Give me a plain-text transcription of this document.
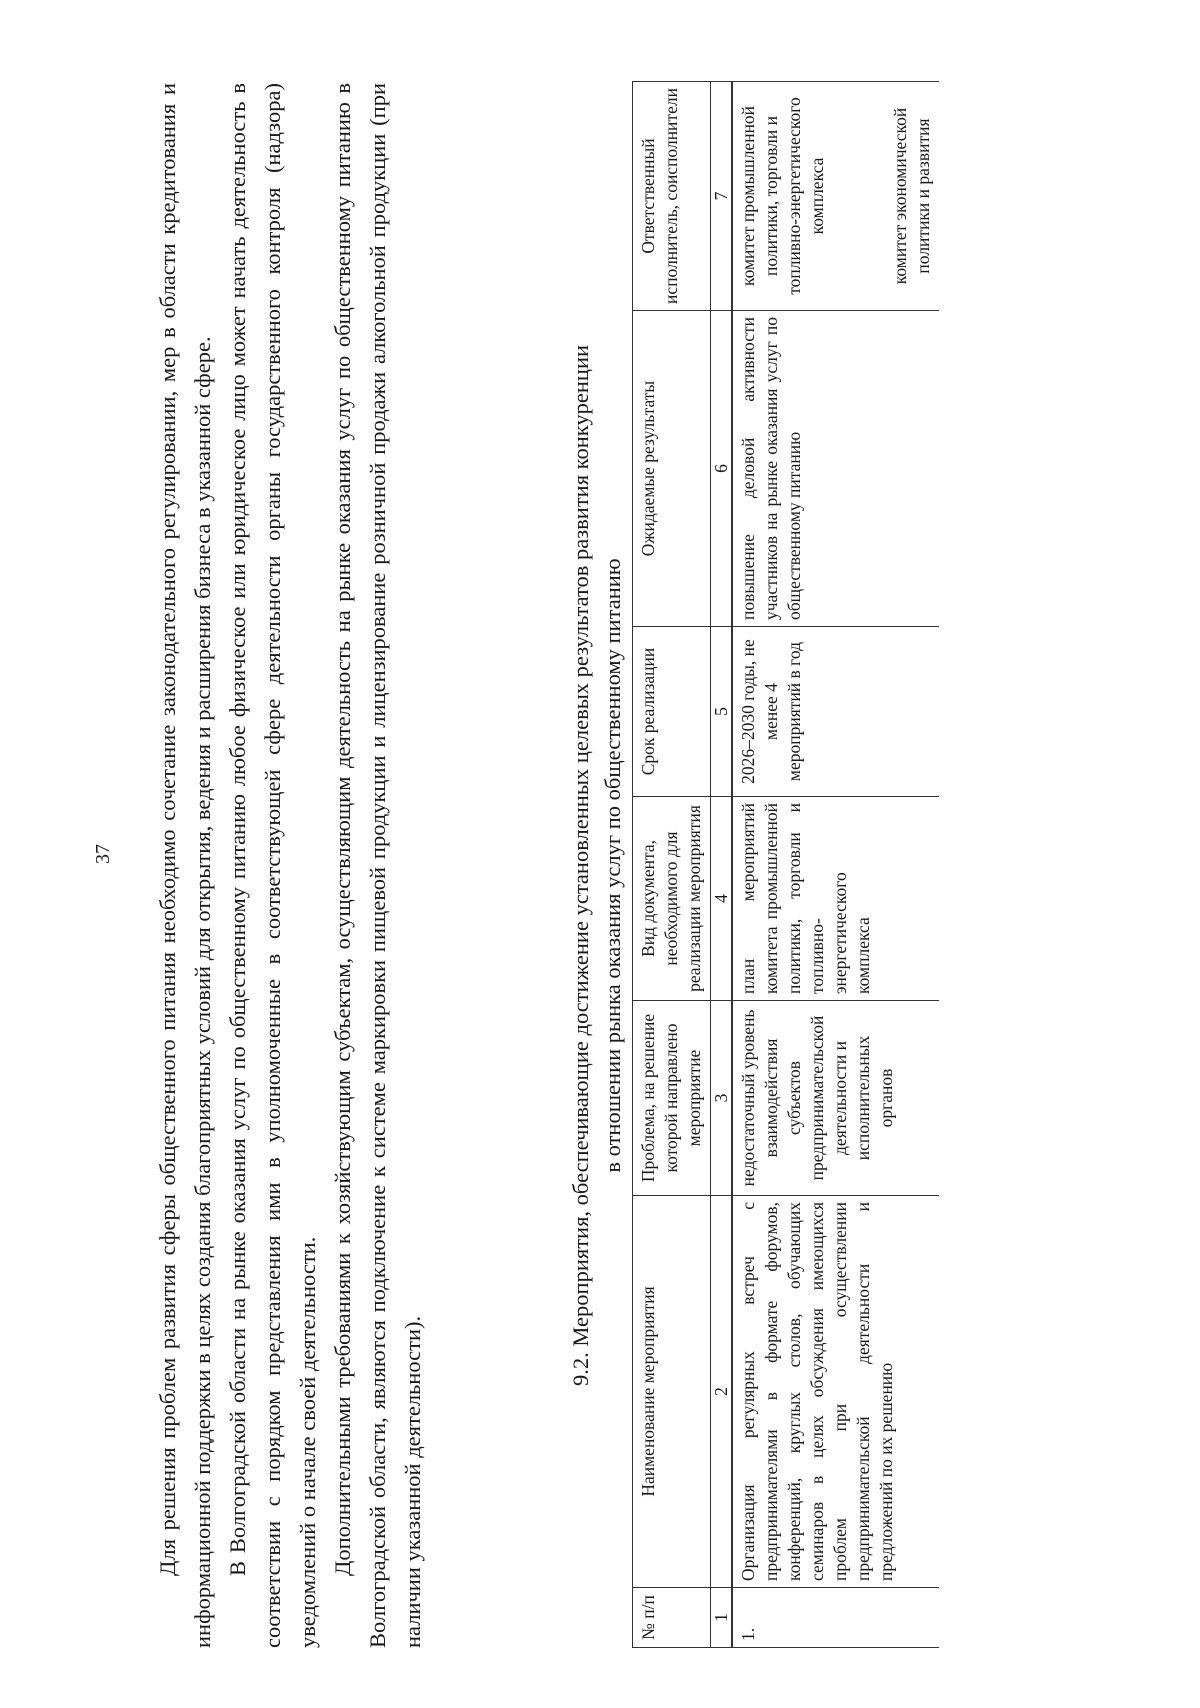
37 Для решения проблем развития сферы общественного питания необходимо сочетание законодательного регулировании, мер в области кредитования и информационной поддержки в целях создания благоприятных условий для открытия, ведения и расширения бизнеса в указанной сфере. В Волгоградской области на рынке оказания услуг по общественному питанию любое физическое или юридическое лицо может начать деятельность в соответствии с порядком представления ими в уполномоченные в соответствующей сфере деятельности органы государственного контроля (надзора) уведомлений о начале своей деятельности. Дополнительными требованиями к хозяйствующим субъектам, осуществляющим деятельность на рынке оказания услуг по общественному питанию в Волгоградской области, являются подключение к системе маркировки пищевой продукции и лицензирование розничной продажи алкогольной продукции (при наличии указанной деятельности).

9.2. Мероприятия, обеспечивающие достижение установленных целевых результатов развития конкуренции в отношении рынка оказания услуг по общественному питанию
№ п/п	Наименование мероприятия	Проблема, на решение которой направлено мероприятие	Вид документа, необходимого для реализации мероприятия	Срок реализации	Ожидаемые результаты	Ответственный исполнитель, соисполнители
1	2	3	4	5	6	7
1.	Организация регулярных встреч с предпринимателями в формате форумов, конференций, круглых столов, обучающих семинаров в целях обсуждения имеющихся проблем при осуществлении предпринимательской деятельности и предложений по их решению	недостаточный уровень взаимодействия субъектов предпринимательской деятельности и исполнительных органов	план мероприятий комитета промышленной политики, торговли и топливно-энергетического комплекса	2026–2030 годы, не менее 4 мероприятий в год	повышение деловой активности участников на рынке оказания услуг по общественному питанию	комитет промышленной политики, торговли и топливно-энергетического комплекса комитет экономической политики и развития
